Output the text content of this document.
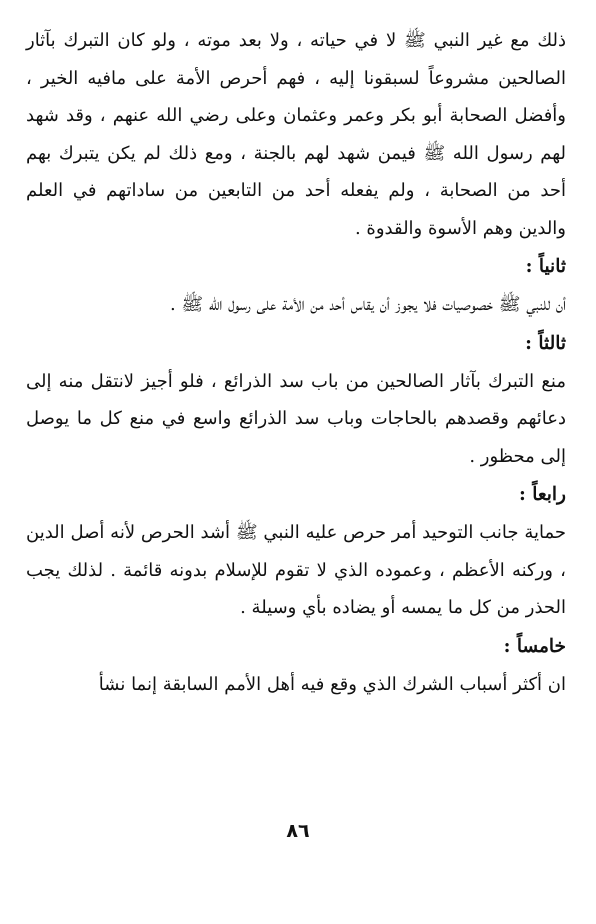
ذلك مع غير النبي ﷺ لا في حياته ، ولا بعد موته ، ولو كان التبرك بآثار الصالحين مشروعاً لسبقونا إليه ، فهم أحرص الأمة على مافيه الخير ، وأفضل الصحابة أبو بكر وعمر وعثمان وعلى رضي الله عنهم ، وقد شهد لهم رسول الله ﷺ فيمن شهد لهم بالجنة ، ومع ذلك لم يكن يتبرك بهم أحد من الصحابة ، ولم يفعله أحد من التابعين من ساداتهم في العلم والدين وهم الأسوة والقدوة .

ثانياً :

أن للنبي ﷺ خصوصيات فلا يجوز أن يقاس أحد من الأمة على رسول الله ﷺ .

ثالثاً :

منع التبرك بآثار الصالحين من باب سد الذرائع ، فلو أجيز لانتقل منه إلى دعائهم وقصدهم بالحاجات وباب سد الذرائع واسع في منع كل ما يوصل إلى محظور .

رابعاً :

حماية جانب التوحيد أمر حرص عليه النبي ﷺ أشد الحرص لأنه أصل الدين ، وركنه الأعظم ، وعموده الذي لا تقوم للإسلام بدونه قائمة . لذلك يجب الحذر من كل ما يمسه أو يضاده بأي وسيلة .

خامساً :

ان أكثر أسباب الشرك الذي وقع فيه أهل الأمم السابقة إنما نشأ

٨٦
